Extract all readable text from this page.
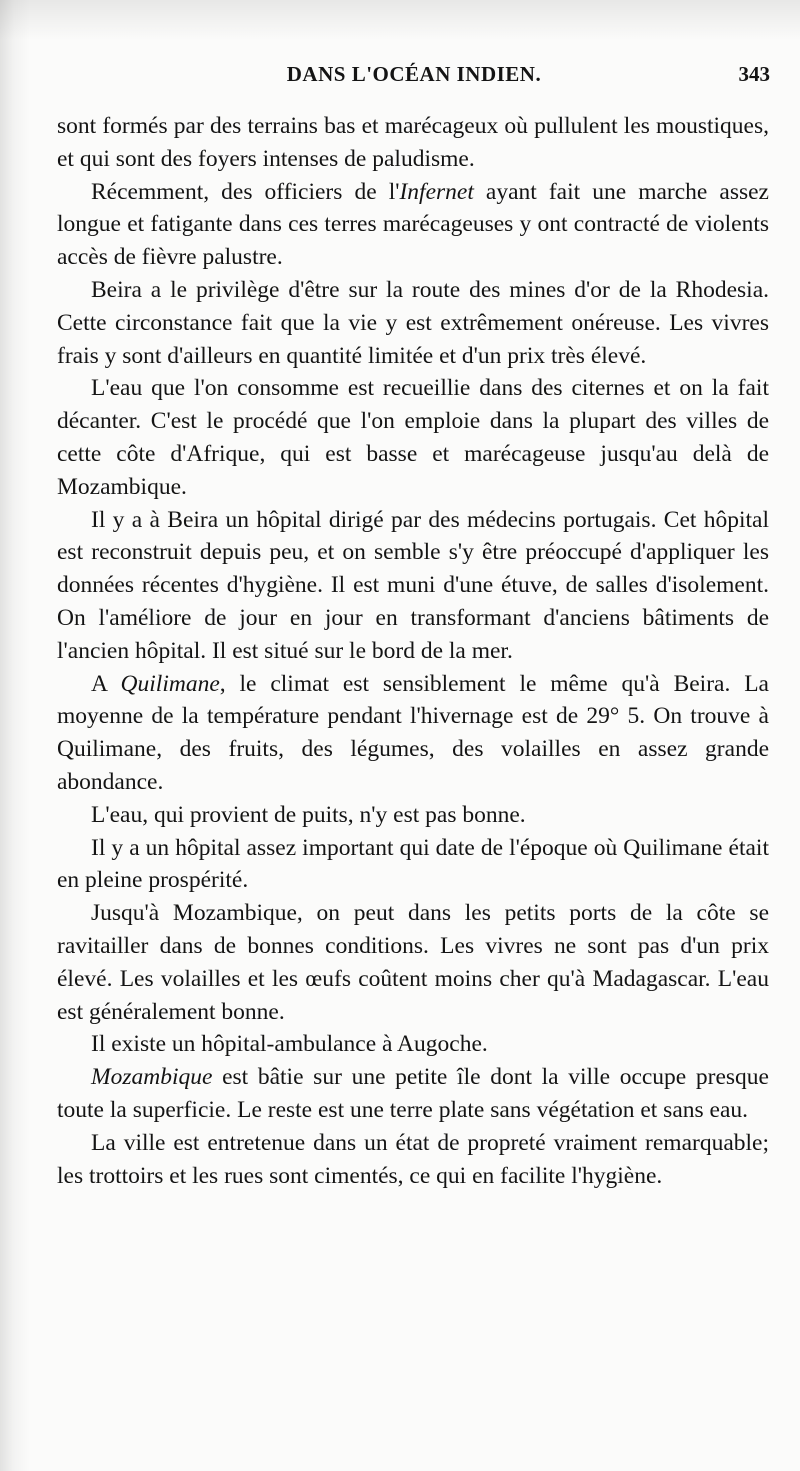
DANS L'OCÉAN INDIEN.	343

sont formés par des terrains bas et marécageux où pullulent les moustiques, et qui sont des foyers intenses de paludisme.

Récemment, des officiers de l'Infernet ayant fait une marche assez longue et fatigante dans ces terres marécageuses y ont contracté de violents accès de fièvre palustre.

Beira a le privilège d'être sur la route des mines d'or de la Rhodesia. Cette circonstance fait que la vie y est extrêmement onéreuse. Les vivres frais y sont d'ailleurs en quantité limitée et d'un prix très élevé.

L'eau que l'on consomme est recueillie dans des citernes et on la fait décanter. C'est le procédé que l'on emploie dans la plupart des villes de cette côte d'Afrique, qui est basse et marécageuse jusqu'au delà de Mozambique.

Il y a à Beira un hôpital dirigé par des médecins portugais. Cet hôpital est reconstruit depuis peu, et on semble s'y être préoccupé d'appliquer les données récentes d'hygiène. Il est muni d'une étuve, de salles d'isolement. On l'améliore de jour en jour en transformant d'anciens bâtiments de l'ancien hôpital. Il est situé sur le bord de la mer.

A Quilimane, le climat est sensiblement le même qu'à Beira. La moyenne de la température pendant l'hivernage est de 29° 5. On trouve à Quilimane, des fruits, des légumes, des volailles en assez grande abondance.

L'eau, qui provient de puits, n'y est pas bonne.

Il y a un hôpital assez important qui date de l'époque où Quilimane était en pleine prospérité.

Jusqu'à Mozambique, on peut dans les petits ports de la côte se ravitailler dans de bonnes conditions. Les vivres ne sont pas d'un prix élevé. Les volailles et les œufs coûtent moins cher qu'à Madagascar. L'eau est généralement bonne.

Il existe un hôpital-ambulance à Augoche.

Mozambique est bâtie sur une petite île dont la ville occupe presque toute la superficie. Le reste est une terre plate sans végétation et sans eau.

La ville est entretenue dans un état de propreté vraiment remarquable; les trottoirs et les rues sont cimentés, ce qui en facilite l'hygiène.
